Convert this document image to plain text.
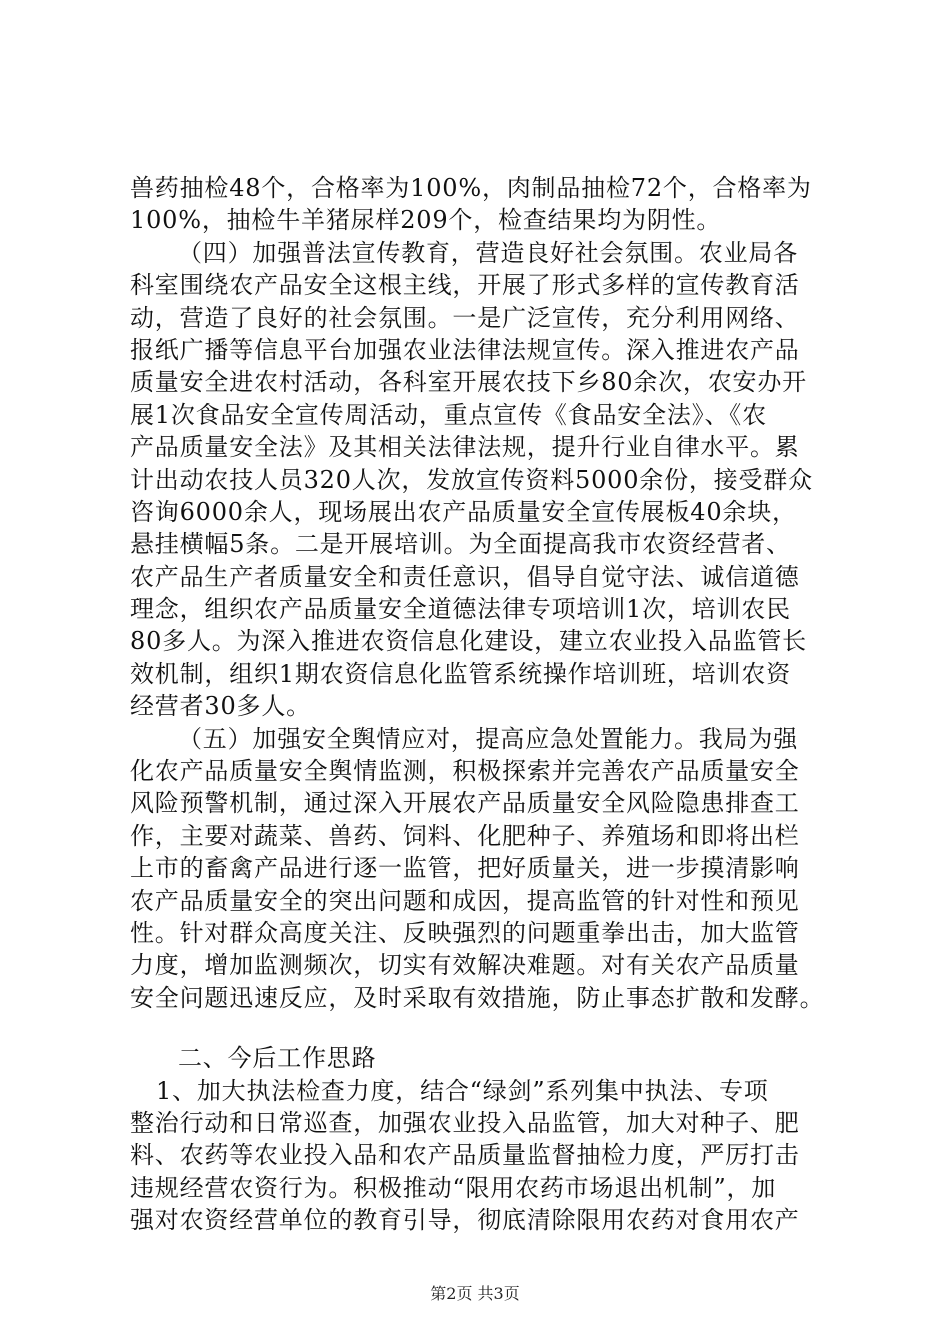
兽药抽检48个，合格率为100%，肉制品抽检72个，合格率为
100%，抽检牛羊猪尿样209个，检查结果均为阴性。
（四）加强普法宣传教育，营造良好社会氛围。农业局各
科室围绕农产品安全这根主线，开展了形式多样的宣传教育活
动，营造了良好的社会氛围。一是广泛宣传，充分利用网络、
报纸广播等信息平台加强农业法律法规宣传。深入推进农产品
质量安全进农村活动，各科室开展农技下乡80余次，农安办开
展1次食品安全宣传周活动，重点宣传《食品安全法》、《农
产品质量安全法》及其相关法律法规，提升行业自律水平。累
计出动农技人员320人次，发放宣传资料5000余份，接受群众
咨询6000余人，现场展出农产品质量安全宣传展板40余块，
悬挂横幅5条。二是开展培训。为全面提高我市农资经营者、
农产品生产者质量安全和责任意识，倡导自觉守法、诚信道德
理念，组织农产品质量安全道德法律专项培训1次，培训农民
80多人。为深入推进农资信息化建设，建立农业投入品监管长
效机制，组织1期农资信息化监管系统操作培训班，培训农资
经营者30多人。
（五）加强安全舆情应对，提高应急处置能力。我局为强
化农产品质量安全舆情监测，积极探索并完善农产品质量安全
风险预警机制，通过深入开展农产品质量安全风险隐患排查工
作，主要对蔬菜、兽药、饲料、化肥种子、养殖场和即将出栏
上市的畜禽产品进行逐一监管，把好质量关，进一步摸清影响
农产品质量安全的突出问题和成因，提高监管的针对性和预见
性。针对群众高度关注、反映强烈的问题重拳出击，加大监管
力度，增加监测频次，切实有效解决难题。对有关农产品质量
安全问题迅速反应，及时采取有效措施，防止事态扩散和发酵。
二、今后工作思路
1、加大执法检查力度，结合“绿剑”系列集中执法、专项
整治行动和日常巡查，加强农业投入品监管，加大对种子、肥
料、农药等农业投入品和农产品质量监督抽检力度，严厉打击
违规经营农资行为。积极推动“限用农药市场退出机制”，加
强对农资经营单位的教育引导，彻底清除限用农药对食用农产
第2页 共3页
